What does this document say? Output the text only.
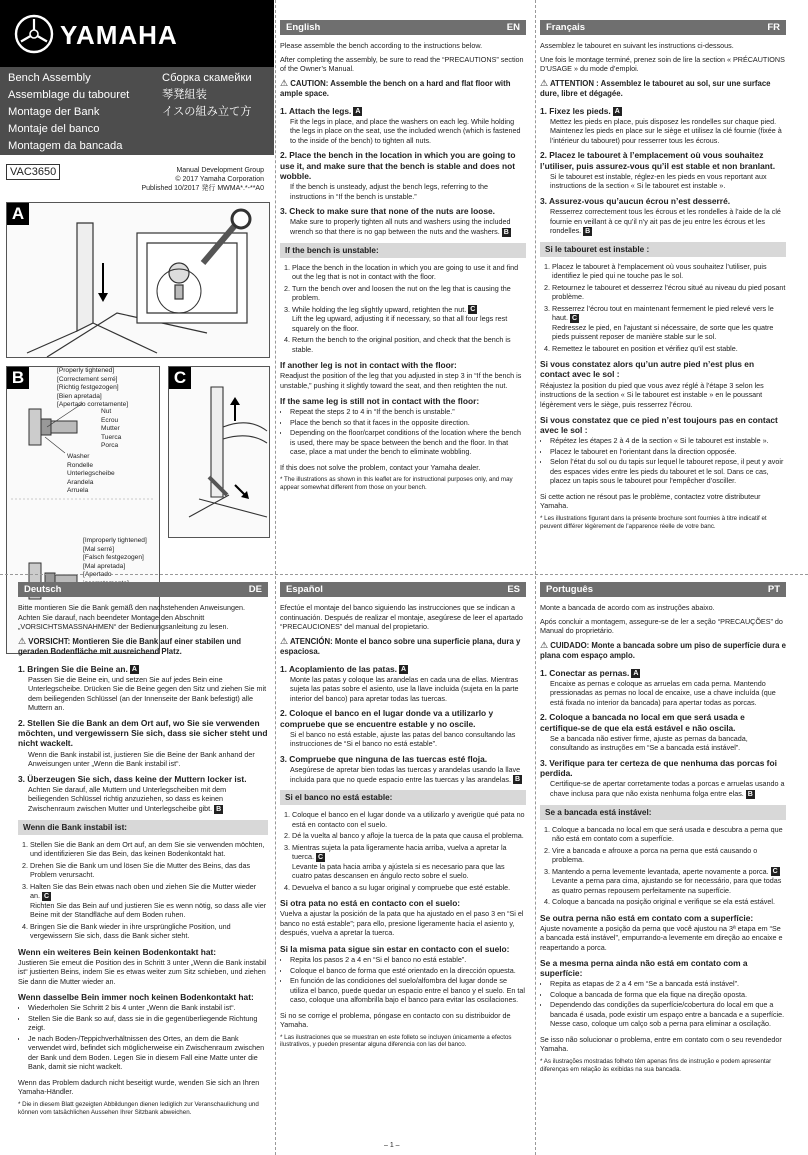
YAMAHA
Bench Assembly
Assemblage du tabouret
Montage der Bank
Montaje del banco
Montagem da bancada
Сборка скамейки
琴凳組装
イスの組み立て方
Manual Development Group
© 2017 Yamaha Corporation
Published 10/2017 発行 MWMA*.*-**A0
VAC3650
A
B	[Properly tightened]
[Correctement serré]
[Richtig festgezogen]
[Bien apretada]
[Apertado corretamente]
Nut
Ecrou
Mutter
Tuerca
Porca
Washer
Rondelle
Unterlegscheibe
Arandela
Arruela
[Improperly tightened]
[Mal serré]
[Falsch festgezogen]
[Mal apretada]
[Apertado
C
English	EN

Please assemble the bench according to the instructions below.

After completing the assembly, be sure to read the “PRECAUTIONS” section of the Owner’s Manual.

⚠ CAUTION: Assemble the bench on a hard and flat floor with ample space.
1. Attach the legs. A
Fit the legs in place, and place the washers on each leg. While holding the legs in place on the seat, use the included wrench (which is fastened to the inside of the bench) to tighten all nuts.
2. Place the bench in the location in which you are going to use it, and make sure that the bench is stable and does not wobble.
If the bench is unsteady, adjust the bench legs, referring to the instructions in “If the bench is unstable.”
3. Check to make sure that none of the nuts are loose.
Make sure to properly tighten all nuts and washers using the included wrench so that there is no gap between the nuts and the washers. B
If the bench is unstable:
1. Place the bench in the location in which you are going to use it and find out the leg that is not in contact with the floor.
2. Turn the bench over and loosen the nut on the leg that is causing the problem.
3. While holding the leg slightly upward, retighten the nut. C
Lift the leg upward, adjusting it if necessary, so that all four legs rest squarely on the floor.
4. Return the bench to the original position, and check that the bench is stable.
If another leg is not in contact with the floor:

Readjust the position of the leg that you adjusted in step 3 in “If the bench is unstable,” pushing it slightly toward the seat, and then retighten the nut.

If the same leg is still not in contact with the floor:
• Repeat the steps 2 to 4 in “If the bench is unstable.”
• Place the bench so that it faces in the opposite direction.
• Depending on the floor/carpet conditions of the location where the bench is used, there may be space between the bench and the floor. In that case, place a mat under the bench to eliminate wobbling.

If this does not solve the problem, contact your Yamaha dealer.

* The illustrations as shown in this leaflet are for instructional purposes only, and may appear somewhat different from those on your bench.
Français	FR

Assemblez le tabouret en suivant les instructions ci-dessous.

Une fois le montage terminé, prenez soin de lire la section « PRÉCAUTIONS D’USAGE » du mode d’emploi.

⚠ ATTENTION : Assemblez le tabouret au sol, sur une surface dure, libre et dégagée.
1. Fixez les pieds. A
Mettez les pieds en place, puis disposez les rondelles sur chaque pied. Maintenez les pieds en place sur le siège et utilisez la clé fournie (fixée à l’intérieur du tabouret) pour resserrer tous les écrous.
2. Placez le tabouret à l’emplacement où vous souhaitez l’utiliser, puis assurez-vous qu’il est stable et non branlant.
Si le tabouret est instable, réglez-en les pieds en vous reportant aux instructions de la section « Si le tabouret est instable ».
3. Assurez-vous qu’aucun écrou n’est desserré.
Resserrez correctement tous les écrous et les rondelles à l’aide de la clé fournie en veillant à ce qu’il n’y ait pas de jeu entre les écrous et les rondelles. B
Si le tabouret est instable :
1. Placez le tabouret à l’emplacement où vous souhaitez l’utiliser, puis identifiez le pied qui ne touche pas le sol.
2. Retournez le tabouret et desserrez l’écrou situé au niveau du pied posant problème.
3. Resserrez l’écrou tout en maintenant fermement le pied relevé vers le haut. C
Redressez le pied, en l’ajustant si nécessaire, de sorte que les quatre pieds puissent reposer de manière stable sur le sol.
4. Remettez le tabouret en position et vérifiez qu’il est stable.
Si vous constatez alors qu’un autre pied n’est plus en contact avec le sol :

Réajustez la position du pied que vous avez réglé à l’étape 3 selon les instructions de la section « Si le tabouret est instable » en le poussant légèrement vers le siège, puis resserrez l’écrou.

Si vous constatez que ce pied n’est toujours pas en contact avec le sol :
• Répétez les étapes 2 à 4 de la section « Si le tabouret est instable ».
• Placez le tabouret en l’orientant dans la direction opposée.
• Selon l’état du sol ou du tapis sur lequel le tabouret repose, il peut y avoir des espaces vides entre les pieds du tabouret et le sol. Dans ce cas, placez un tapis sous le tabouret pour l’empêcher d’osciller.

Si cette action ne résout pas le problème, contactez votre distributeur Yamaha.

* Les illustrations figurant dans la présente brochure sont fournies à titre indicatif et peuvent différer légèrement de l’apparence réelle de votre banc.
Deutsch	DE

Bitte montieren Sie die Bank gemäß den nachstehenden Anweisungen. Achten Sie darauf, nach beendeter Montage den Abschnitt „VORSICHTSMASSNAHMEN“ der Bedienungsanleitung zu lesen.

⚠ VORSICHT: Montieren Sie die Bank auf einer stabilen und geraden Bodenfläche mit ausreichend Platz.
1. Bringen Sie die Beine an. A
Passen Sie die Beine ein, und setzen Sie auf jedes Bein eine Unterlegscheibe. Drücken Sie die Beine gegen den Sitz und ziehen Sie mit dem beiliegenden Schlüssel (an der Innenseite der Bank befestigt) alle Muttern an.
2. Stellen Sie die Bank an dem Ort auf, wo Sie sie verwenden möchten, und vergewissern Sie sich, dass sie sicher steht und nicht wackelt.
Wenn die Bank instabil ist, justieren Sie die Beine der Bank anhand der Anweisungen unter „Wenn die Bank instabil ist“.
3. Überzeugen Sie sich, dass keine der Muttern locker ist.
Achten Sie darauf, alle Muttern und Unterlegscheiben mit dem beiliegenden Schlüssel richtig anzuziehen, so dass es keinen Zwischenraum zwischen Mutter und Unterlegscheibe gibt. B
Wenn die Bank instabil ist:
1. Stellen Sie die Bank an dem Ort auf, an dem Sie sie verwenden möchten, und identifizieren Sie das Bein, das keinen Bodenkontakt hat.
2. Drehen Sie die Bank um und lösen Sie die Mutter des Beins, das das Problem verursacht.
3. Halten Sie das Bein etwas nach oben und ziehen Sie die Mutter wieder an. C
Richten Sie das Bein auf und justieren Sie es wenn nötig, so dass alle vier Beine mit der Standfläche auf dem Boden ruhen.
4. Bringen Sie die Bank wieder in ihre ursprüngliche Position, und vergewissern Sie sich, dass die Bank sicher steht.
Wenn ein weiteres Bein keinen Bodenkontakt hat:

Justieren Sie erneut die Position des in Schritt 3 unter „Wenn die Bank instabil ist“ justierten Beins, indem Sie es etwas weiter zum Sitz schieben, und ziehen Sie dann die Mutter wieder an.

Wenn dasselbe Bein immer noch keinen Bodenkontakt hat:
• Wiederholen Sie Schritt 2 bis 4 unter „Wenn die Bank instabil ist“.
• Stellen Sie die Bank so auf, dass sie in die gegenüberliegende Richtung zeigt.
• Je nach Boden-/Teppichverhältnissen des Ortes, an dem die Bank verwendet wird, befindet sich möglicherweise ein Zwischenraum zwischen der Bank und dem Boden. Legen Sie in diesem Fall eine Matte unter die Bank, damit sie nicht wackelt.

Wenn das Problem dadurch nicht beseitigt wurde, wenden Sie sich an Ihren Yamaha-Händler.

* Die in diesem Blatt gezeigten Abbildungen dienen lediglich zur Veranschaulichung und können vom tatsächlichen Aussehen Ihrer Sitzbank abweichen.
Español	ES

Efectúe el montaje del banco siguiendo las instrucciones que se indican a continuación. Después de realizar el montaje, asegúrese de leer el apartado “PRECAUCIONES” del manual del propietario.

⚠ ATENCIÓN: Monte el banco sobre una superficie plana, dura y espaciosa.
1. Acoplamiento de las patas. A
Monte las patas y coloque las arandelas en cada una de ellas. Mientras sujeta las patas sobre el asiento, use la llave incluida (sujeta en la parte interior del banco) para apretar todas las tuercas.
2. Coloque el banco en el lugar donde va a utilizarlo y compruebe que se encuentre estable y no oscile.
Si el banco no está estable, ajuste las patas del banco consultando las instrucciones de “Si el banco no está estable”.
3. Compruebe que ninguna de las tuercas esté floja.
Asegúrese de apretar bien todas las tuercas y arandelas usando la llave incluida para que no quede espacio entre las tuercas y las arandelas. B
Si el banco no está estable:
1. Coloque el banco en el lugar donde va a utilizarlo y averigüe qué pata no está en contacto con el suelo.
2. Dé la vuelta al banco y afloje la tuerca de la pata que causa el problema.
3. Mientras sujeta la pata ligeramente hacia arriba, vuelva a apretar la tuerca. C
Levante la pata hacia arriba y ajústela si es necesario para que las cuatro patas descansen en ángulo recto sobre el suelo.
4. Devuelva el banco a su lugar original y compruebe que esté estable.
Si otra pata no está en contacto con el suelo:

Vuelva a ajustar la posición de la pata que ha ajustado en el paso 3 en “Si el banco no está estable”; para ello, presione ligeramente hacia el asiento y, después, vuelva a apretar la tuerca.

Si la misma pata sigue sin estar en contacto con el suelo:
• Repita los pasos 2 a 4 en “Si el banco no está estable”.
• Coloque el banco de forma que esté orientado en la dirección opuesta.
• En función de las condiciones del suelo/alfombra del lugar donde se utiliza el banco, puede quedar un espacio entre el banco y el suelo. En tal caso, coloque una alfombrilla bajo el banco para evitar las oscilaciones.

Si no se corrige el problema, póngase en contacto con su distribuidor de Yamaha.

* Las ilustraciones que se muestran en este folleto se incluyen únicamente a efectos ilustrativos, y pueden presentar alguna diferencia con las del banco.
Português	PT

Monte a bancada de acordo com as instruções abaixo.

Após concluir a montagem, assegure-se de ler a seção “PRECAUÇÕES” do Manual do proprietário.

⚠ CUIDADO: Monte a bancada sobre um piso de superfície dura e plana com espaço amplo.
1. Conectar as pernas. A
Encaixe as pernas e coloque as arruelas em cada perna. Mantendo pressionadas as pernas no local de encaixe, use a chave incluída (que está fixada no interior da bancada) para apertar todas as porcas.
2. Coloque a bancada no local em que será usada e certifique-se de que ela está estável e não oscila.
Se a bancada não estiver firme, ajuste as pernas da bancada, consultando as instruções em “Se a bancada está instável”.
3. Verifique para ter certeza de que nenhuma das porcas foi perdida.
Certifique-se de apertar corretamente todas a porcas e arruelas usando a chave inclusa para que não exista nenhuma folga entre elas. B
Se a bancada está instável:
1. Coloque a bancada no local em que será usada e descubra a perna que não está em contato com a superfície.
2. Vire a bancada e afrouxe a porca na perna que está causando o problema.
3. Mantendo a perna levemente levantada, aperte novamente a porca. C
Levante a perna para cima, ajustando se for necessário, para que todas as quatro pernas repousem perfeitamente na superfície.
4. Coloque a bancada na posição original e verifique se ela está estável.
Se outra perna não está em contato com a superfície:

Ajuste novamente a posição da perna que você ajustou na 3ª etapa em “Se a bancada está instável”, empurrando-a levemente em direção ao encaixe e reapertando a porca.

Se a mesma perna ainda não está em contato com a superfície:
• Repita as etapas de 2 a 4 em “Se a bancada está instável”.
• Coloque a bancada de forma que ela fique na direção oposta.
• Dependendo das condições da superfície/cobertura do local em que a bancada é usada, pode existir um espaço entre a bancada e a superfície. Nesse caso, coloque um calço sob a perna para eliminar a oscilação.

Se isso não solucionar o problema, entre em contato com o seu revendedor Yamaha.

* As ilustrações mostradas folheto têm apenas fins de instrução e podem apresentar diferenças em relação às exibidas na sua bancada.
– 1 –
